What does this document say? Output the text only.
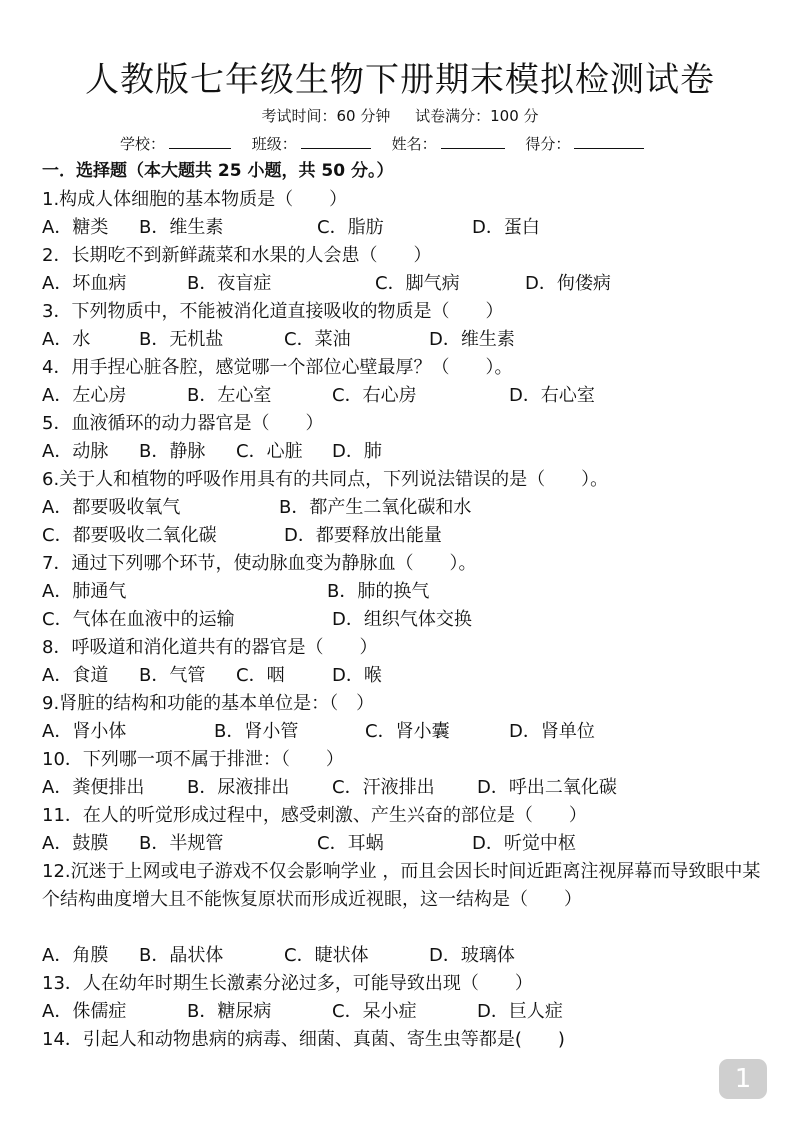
人教版七年级生物下册期末模拟检测试卷
考试时间：60 分钟 试卷满分：100 分
学校：	班级：	姓名：	得分：
一．选择题（本大题共 25 小题，共 50 分。）
1.构成人体细胞的基本物质是（　　）
A．糖类 B．维生素	C．脂肪	D．蛋白
2．长期吃不到新鲜蔬菜和水果的人会患（　　）
A．坏血病	B．夜盲症	C．脚气病	D．佝偻病
3．下列物质中，不能被消化道直接吸收的物质是（　　）
A．水	B．无机盐	C．菜油	D．维生素
4．用手捏心脏各腔，感觉哪一个部位心壁最厚？（　　）。
A．左心房	B．左心室	C．右心房	D．右心室
5．血液循环的动力器官是（　　）
A．动脉 B．静脉 C．心脏 D．肺
6.关于人和植物的呼吸作用具有的共同点，下列说法错误的是（　　）。
A．都要吸收氧气	B．都产生二氧化碳和水
C．都要吸收二氧化碳	D．都要释放出能量
7．通过下列哪个环节，使动脉血变为静脉血（　　）。
A．肺通气	B．肺的换气
C．气体在血液中的运输	D．组织气体交换
8．呼吸道和消化道共有的器官是（　　）
A．食道 B．气管 C．咽	D．喉
9.肾脏的结构和功能的基本单位是：（　）
A．肾小体	B．肾小管	C．肾小囊	D．肾单位
10．下列哪一项不属于排泄：（　　）
A．粪便排出 B．尿液排出 C．汗液排出 D．呼出二氧化碳
11．在人的听觉形成过程中，感受刺激、产生兴奋的部位是（　　）
A．鼓膜 B．半规管	C．耳蜗	D．听觉中枢
12.沉迷于上网或电子游戏不仅会影响学业 ，而且会因长时间近距离注视屏幕而导致眼中某个结构曲度增大且不能恢复原状而形成近视眼，这一结构是（　　）
A．角膜 B．晶状体	C．睫状体	D．玻璃体
13．人在幼年时期生长激素分泌过多，可能导致出现（　　）
A．侏儒症	B．糖尿病	C．呆小症	D．巨人症
14．引起人和动物患病的病毒、细菌、真菌、寄生虫等都是(　　)
1
